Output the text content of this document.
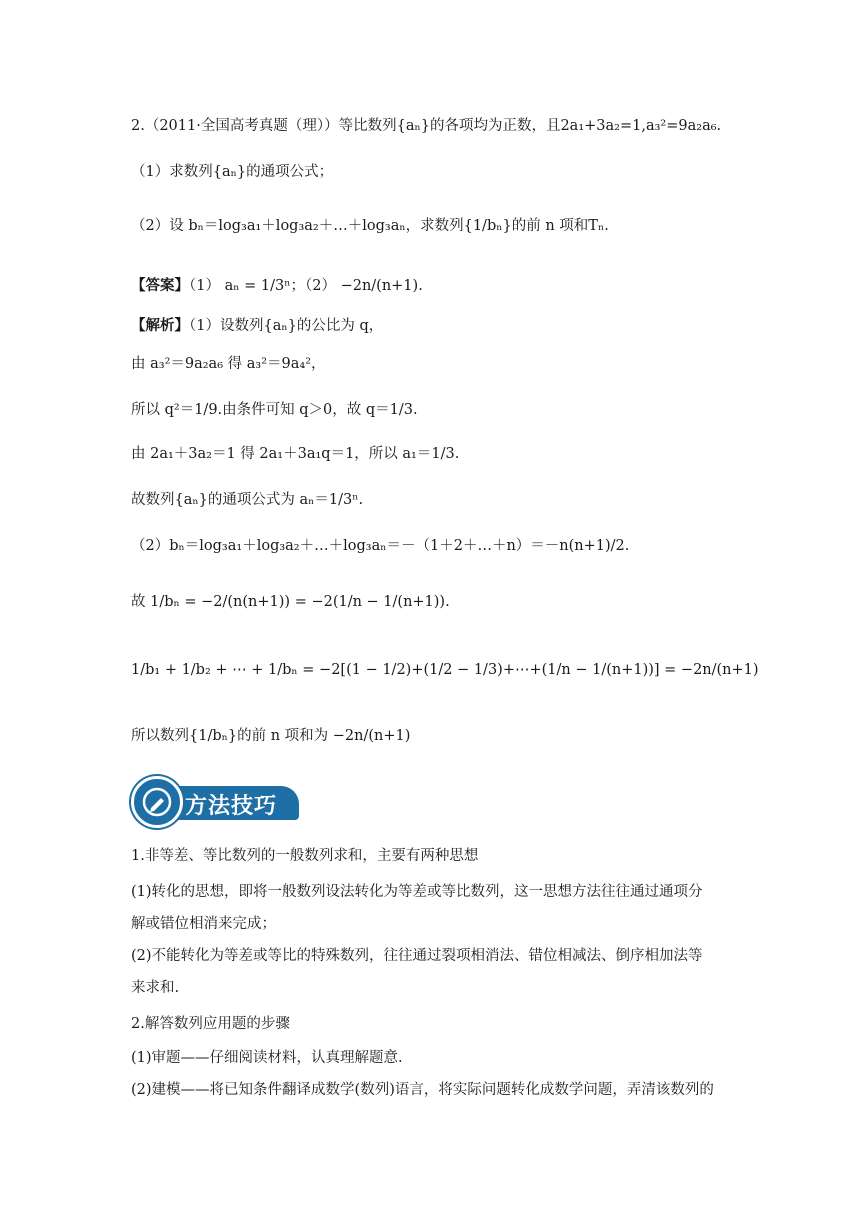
2.（2011·全国高考真题（理））等比数列{aₙ}的各项均为正数，且2a₁+3a₂=1,a₃²=9a₂a₆.
（1）求数列{aₙ}的通项公式；
（2）设 bₙ＝log₃a₁＋log₃a₂＋…＋log₃aₙ，求数列{1/bₙ}的前 n 项和Tₙ.
【答案】（1） aₙ = 1/3ⁿ；（2） −2n/(n+1).
【解析】（1）设数列{aₙ}的公比为 q，
由 a₃²＝9a₂a₆ 得 a₃²＝9a₄²，
所以 q²＝1/9.由条件可知 q＞0，故 q＝1/3.
由 2a₁＋3a₂＝1 得 2a₁＋3a₁q＝1，所以 a₁＝1/3.
故数列{aₙ}的通项公式为 aₙ＝1/3ⁿ.
（2）bₙ＝log₃a₁＋log₃a₂＋…＋log₃aₙ＝－（1＋2＋…＋n）＝－n(n+1)/2.
故 1/bₙ = −2/(n(n+1)) = −2(1/n − 1/(n+1)).
1/b₁ + 1/b₂ + ⋯ + 1/bₙ = −2[(1 − 1/2)+(1/2 − 1/3)+⋯+(1/n − 1/(n+1))] = −2n/(n+1)
所以数列{1/bₙ}的前 n 项和为 −2n/(n+1)
方法技巧
1.非等差、等比数列的一般数列求和，主要有两种思想
(1)转化的思想，即将一般数列设法转化为等差或等比数列，这一思想方法往往通过通项分
解或错位相消来完成；
(2)不能转化为等差或等比的特殊数列，往往通过裂项相消法、错位相减法、倒序相加法等
来求和.
2.解答数列应用题的步骤
(1)审题——仔细阅读材料，认真理解题意.
(2)建模——将已知条件翻译成数学(数列)语言，将实际问题转化成数学问题，弄清该数列的
